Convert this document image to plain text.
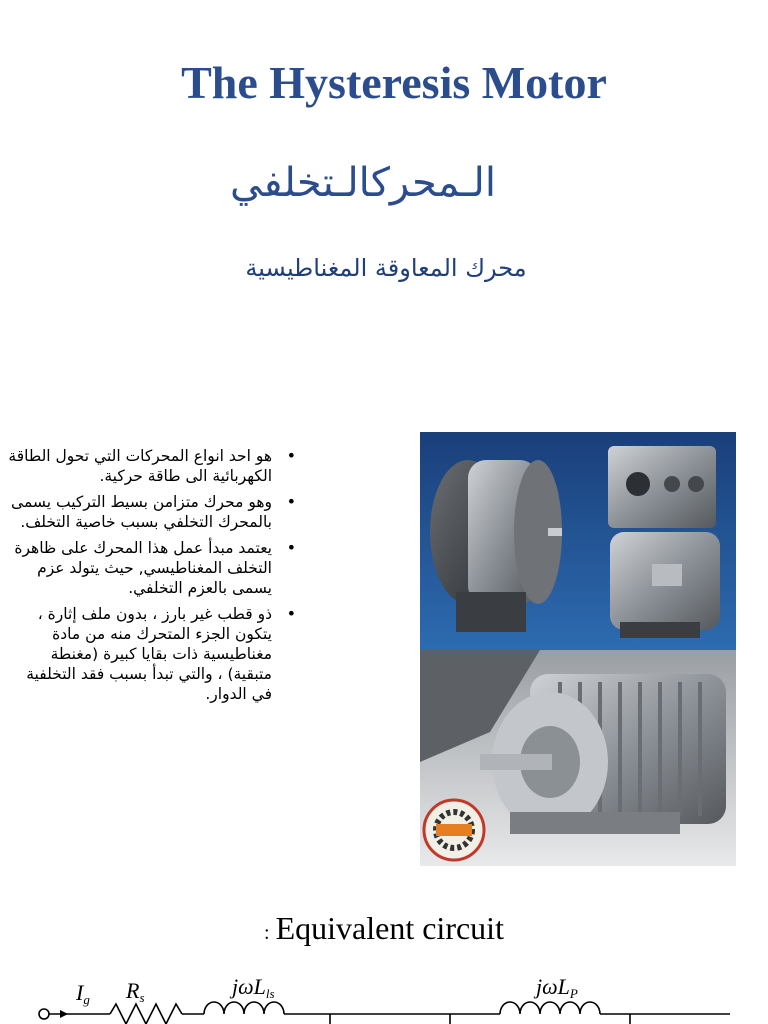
The Hysteresis Motor
الـمحركالـتخلفي
محرك المعاوقة المغناطيسية
•
هو احد انواع المحركات التي تحول الطاقة الكهربائية الى طاقة حركية.
•
وهو محرك متزامن بسيط التركيب يسمى بالمحرك التخلفي بسبب خاصية التخلف.
•
يعتمد مبدأ عمل هذا المحرك على ظاهرة التخلف المغناطيسي, حيث يتولد عزم يسمى بالعزم التخلفي.
•
ذو قطب غير بارز ، بدون ملف إثارة ، يتكون الجزء المتحرك منه من مادة مغناطيسية ذات بقايا كبيرة (مغنطة متبقية) ، والتي تبدأ بسبب فقد التخلفية في الدوار.
: Equivalent circuit
Ig Rs	jωLls	jωLP
